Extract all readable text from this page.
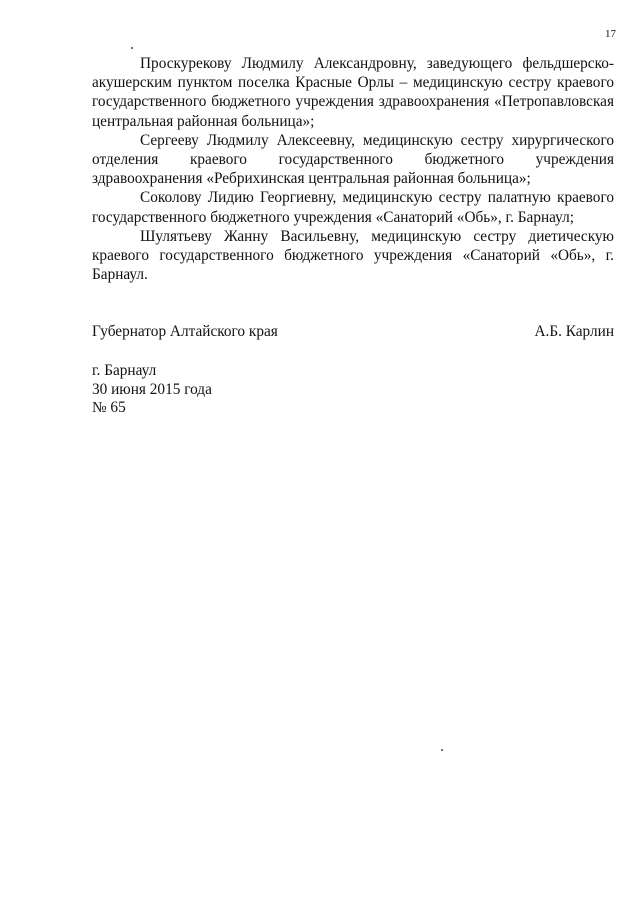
17

Проскурекову Людмилу Александровну, заведующего фельдшерско-акушерским пунктом поселка Красные Орлы – медицинскую сестру краевого государственного бюджетного учреждения здравоохранения «Петропавловская центральная районная больница»;

Сергееву Людмилу Алексеевну, медицинскую сестру хирургического отделения краевого государственного бюджетного учреждения здравоохранения «Ребрихинская центральная районная больница»;

Соколову Лидию Георгиевну, медицинскую сестру палатную краевого государственного бюджетного учреждения «Санаторий «Обь», г. Барнаул;

Шулятьеву Жанну Васильевну, медицинскую сестру диетическую краевого государственного бюджетного учреждения «Санаторий «Обь», г. Барнаул.

Губернатор Алтайского края	А.Б. Карлин
г. Барнаул
30 июня 2015 года
№ 65
